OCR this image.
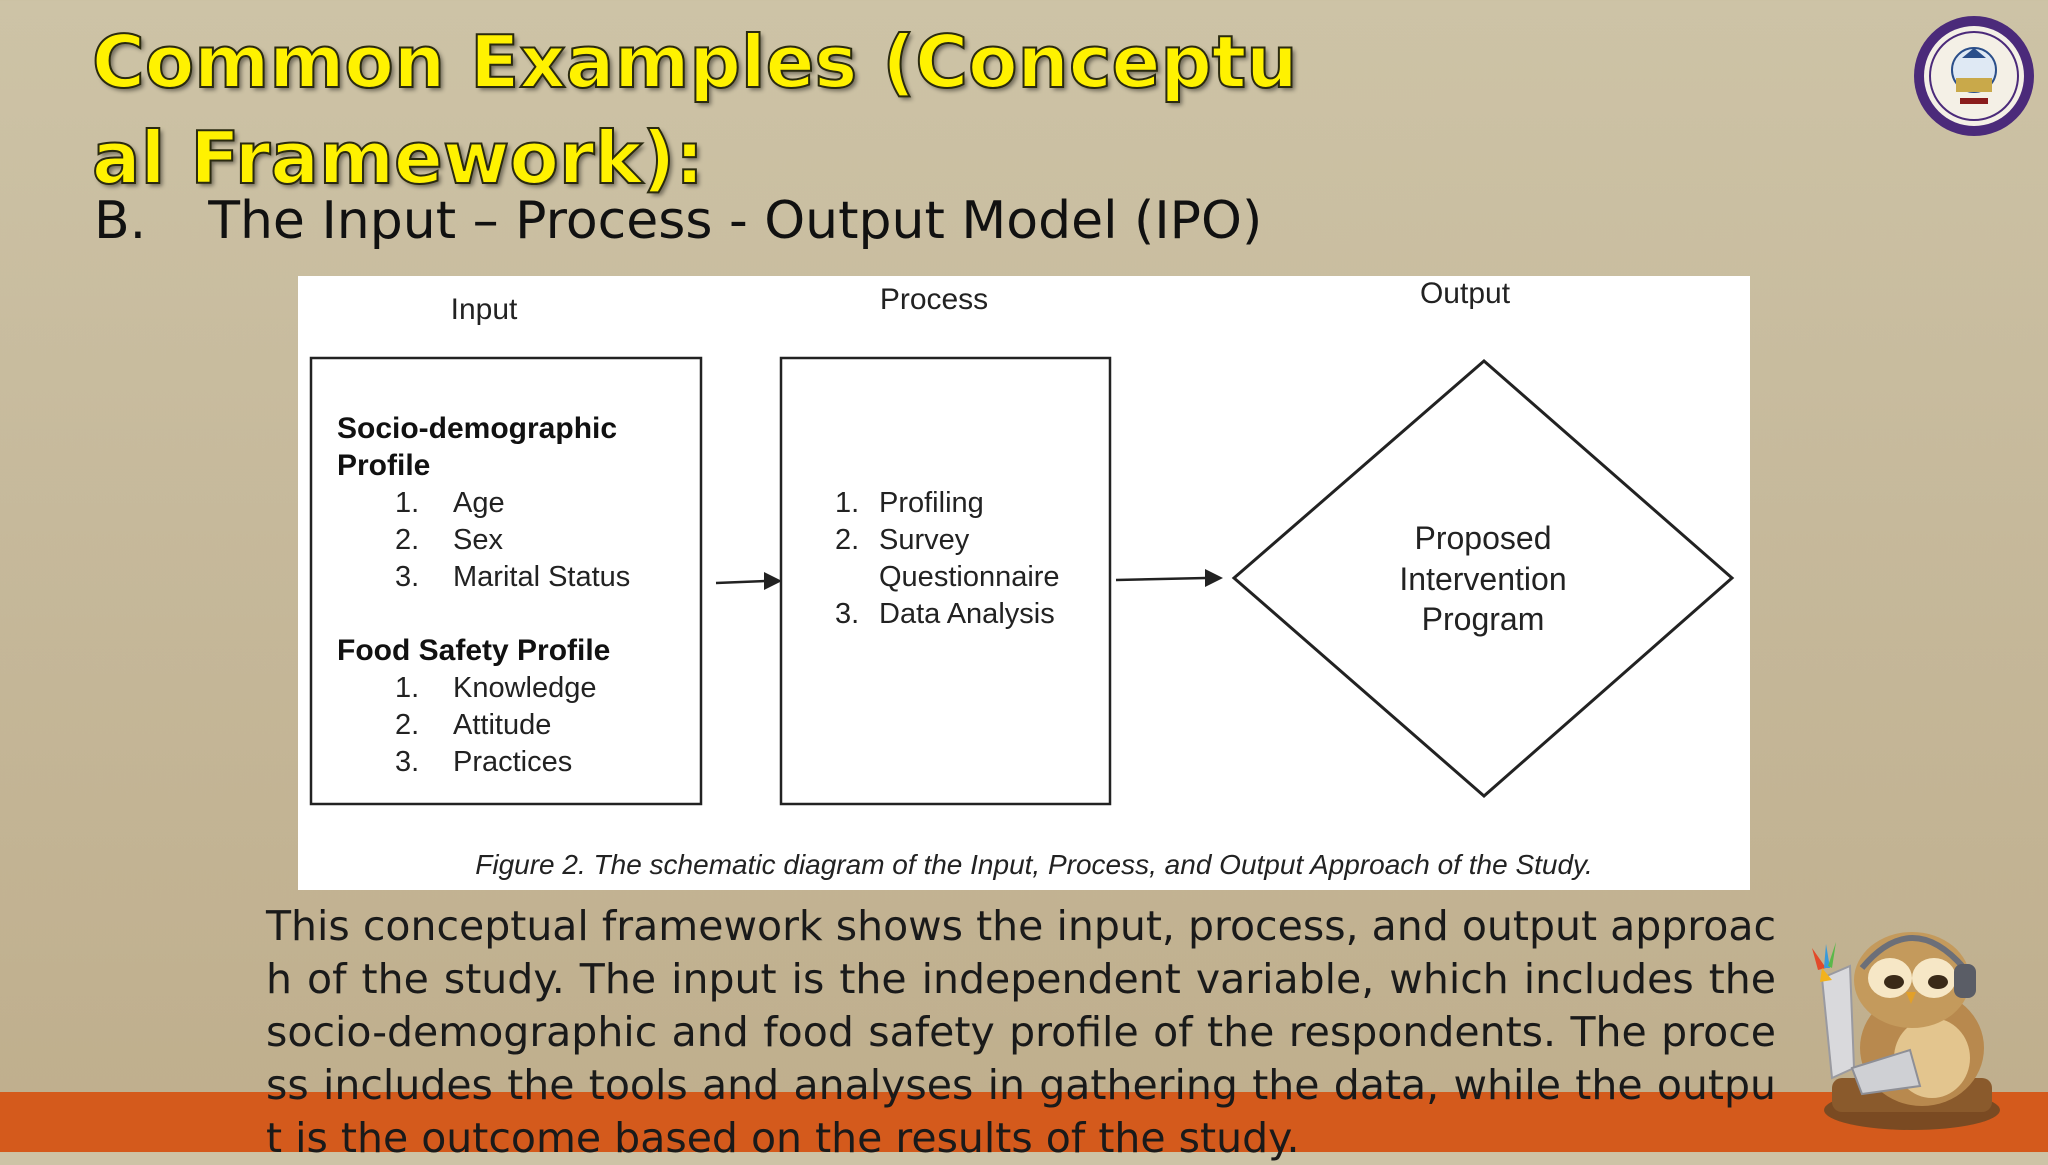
Common Examples (Conceptual Framework):
B. The Input – Process - Output Model (IPO)
Input	Process	Output
Socio-demographic
Profile
1. Age
2. Sex
3. Marital Status
Food Safety Profile
1. Knowledge
2. Attitude
3. Practices
1. Profiling
2. Survey
Questionnaire
3. Data Analysis
Proposed
Intervention
Program
Figure 2. The schematic diagram of the Input, Process, and Output Approach of the Study.
This conceptual framework shows the input, process, and output approach of the study. The input is the independent variable, which includes the socio-demographic and food safety profile of the respondents. The process includes the tools and analyses in gathering the data, while the output is the outcome based on the results of the study.
